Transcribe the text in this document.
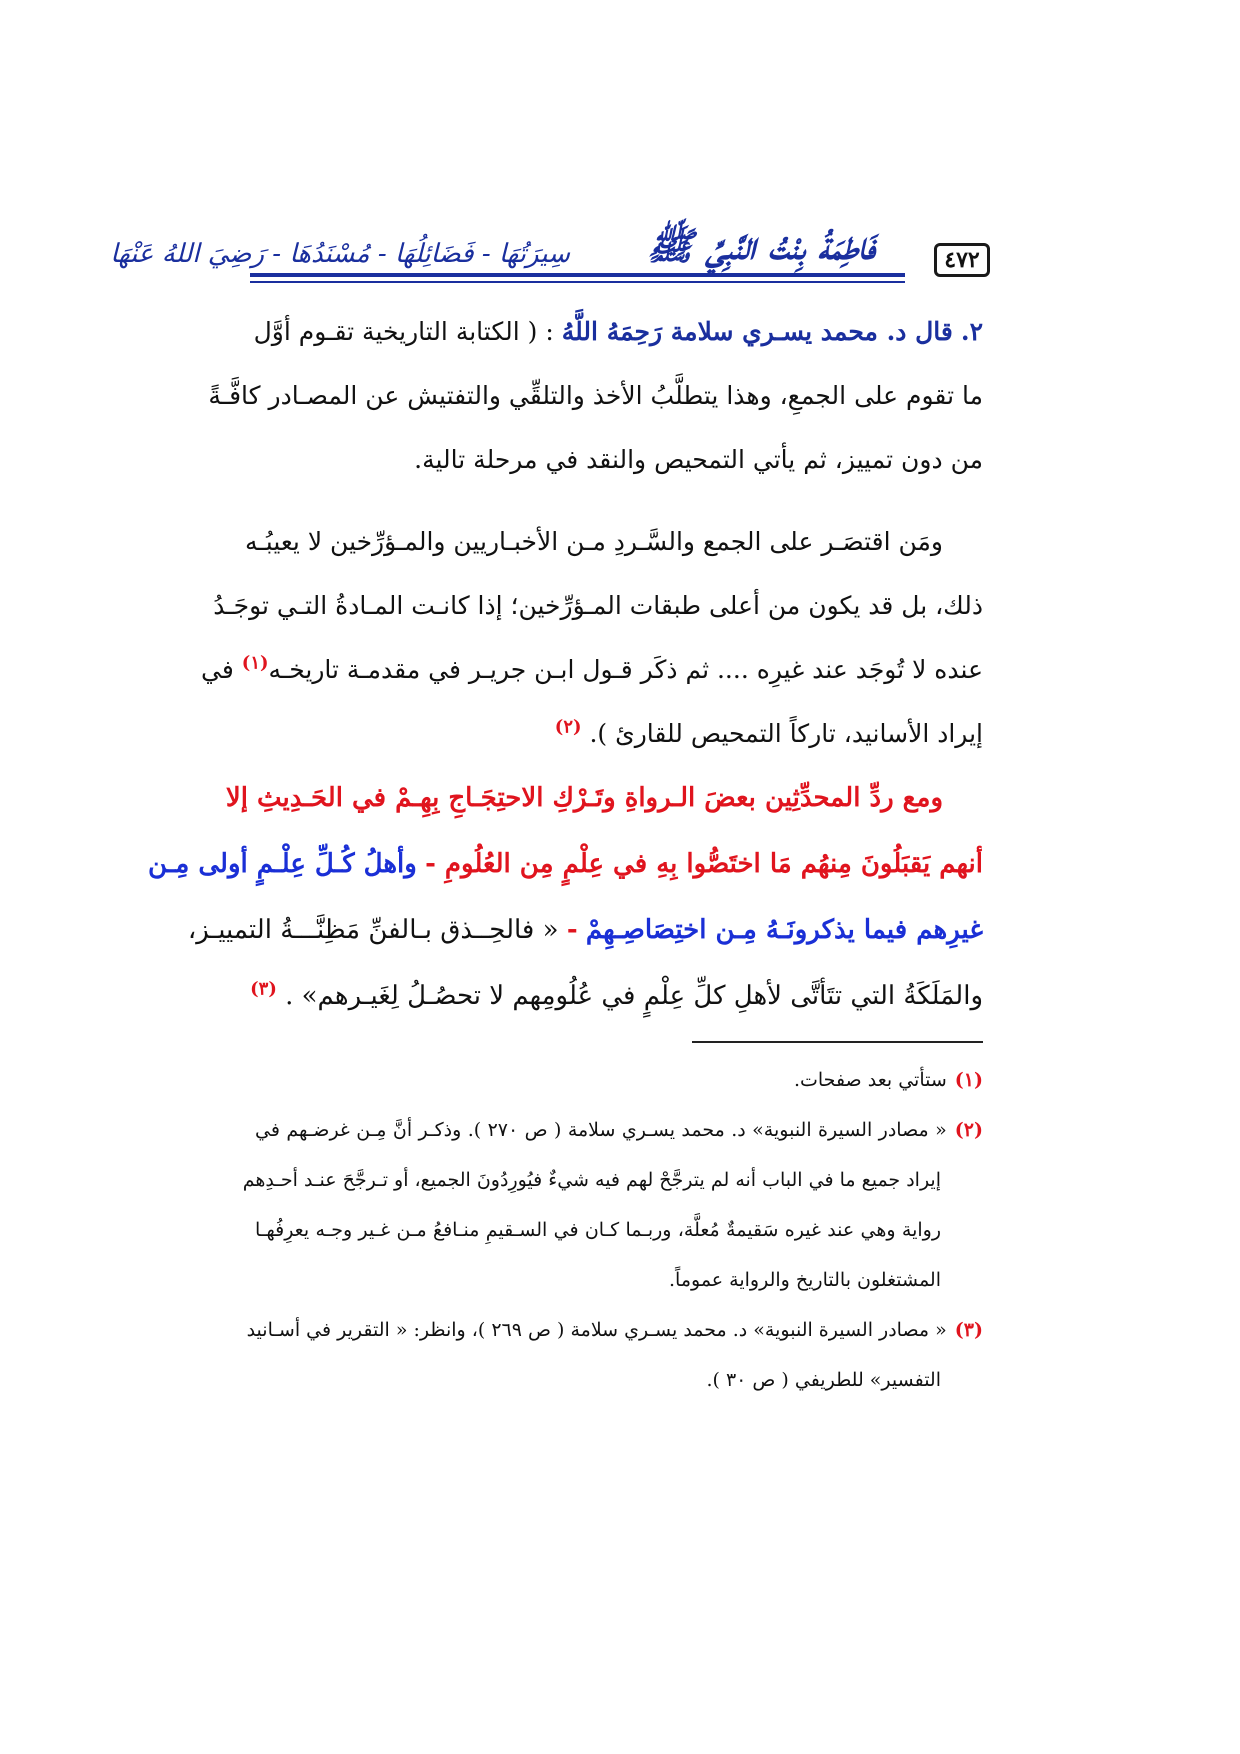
٤٧٢
فَاطِمَةُ بِنْتُ النَّبِيِّ ﷺ
سِيرَتُهَا - فَضَائِلُهَا - مُسْنَدُهَا - رَضِيَ اللهُ عَنْهَا
٢. قال د. محمد يسـري سلامة رَحِمَهُ اللَّهُ : ( الكتابة التاريخية تقـوم أوَّل
ما تقوم على الجمعِ، وهذا يتطلَّبُ الأخذ والتلقِّي والتفتيش عن المصـادر كافَّـةً
من دون تمييز، ثم يأتي التمحيص والنقد في مرحلة تالية.
ومَن اقتصَـر على الجمع والسَّـردِ مـن الأخبـاريين والمـؤرِّخين لا يعيبُـه
ذلك، بل قد يكون من أعلى طبقات المـؤرِّخين؛ إذا كانـت المـادةُ التـي توجَـدُ
عنده لا تُوجَد عند غيرِه .... ثم ذكَر قـول ابـن جريـر في مقدمـة تاريخـه$^{(١)}$ في
إيراد الأسانيد، تاركاً التمحيص للقارئ ). $^{(٢)}$
ومع ردِّ المحدِّثِين بعضَ الـرواةِ وتَـرْكِ الاحتِجَـاجِ بِهِـمْ في الحَـدِيثِ إلا
أنهم يَقبَلُونَ مِنهُم مَا اختَصُّوا بِهِ في عِلْمٍ مِن العُلُومِ - وأهلُ كُـلِّ عِلْـمٍ أولى مِـن
غيرِهم فيما يذكرونَـهُ مِـن اختِصَاصِـهِمْ - « فالحِــذق بـالفنِّ مَظِنَّـــةُ التمييـز،
والمَلَكَةُ التي تتَأتَّى لأهلِ كلِّ عِلْمٍ في عُلُومِهم لا تحصُـلُ لِغَيـرهم» . $^{(٣)}$
(١)ستأتي بعد صفحات.
(٢)« مصادر السيرة النبوية» د. محمد يسـري سلامة ( ص ٢٧٠ ). وذكـر أنَّ مِـن غرضـهم في
إيراد جميع ما في الباب أنه لم يترجَّحْ لهم فيه شيءٌ فيُورِدُونَ الجميع، أو تـرجَّحَ عنـد أحـدِهم
رواية وهي عند غيره سَقيمةٌ مُعلَّة، وربـما كـان في السـقيمِ منـافعُ مـن غـير وجـه يعرِفُهـا
المشتغلون بالتاريخ والرواية عموماً.
(٣)« مصادر السيرة النبوية» د. محمد يسـري سلامة ( ص ٢٦٩ )، وانظر: « التقرير في أسـانيد
التفسير» للطريفي ( ص ٣٠ ).
